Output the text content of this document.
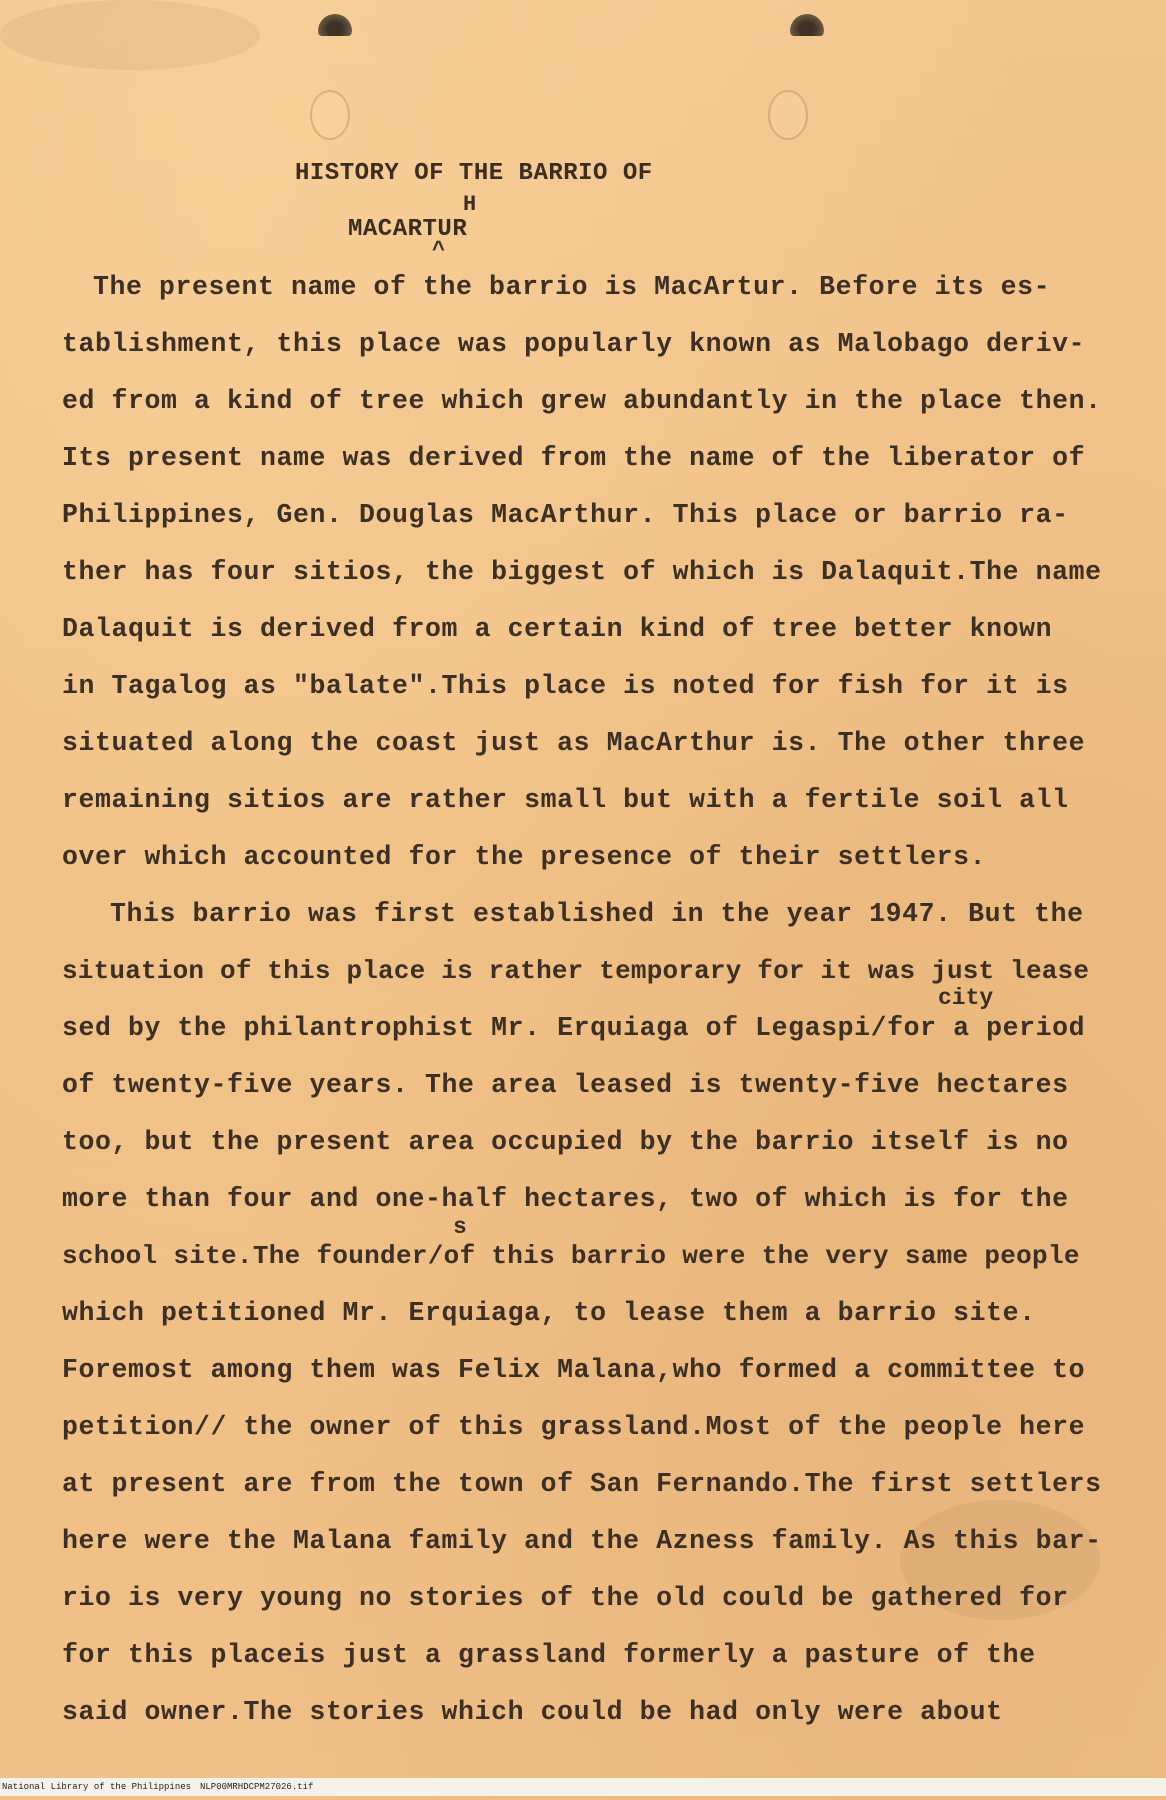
HISTORY OF THE BARRIO OF
H
MACARTUR
^
The present name of the barrio is MacArtur. Before its es-
tablishment, this place was popularly known as Malobago deriv-
ed from a kind of tree which grew abundantly in the place then.
Its present name was derived from the name of the liberator of
Philippines, Gen. Douglas MacArthur. This place or barrio ra-
ther has four sitios, the biggest of which is Dalaquit.The name
Dalaquit is derived from a certain kind of tree better known
in Tagalog as "balate".This place is noted for fish for it is
situated along the coast just as MacArthur is. The other three
remaining sitios are rather small but with a fertile soil all
over which accounted for the presence of their settlers.
This barrio was first established in the year 1947. But the
situation of this place is rather temporary for it was just lease
city
sed by the philantrophist Mr. Erquiaga of Legaspi/for a period
of twenty-five years. The area leased is twenty-five hectares
too, but the present area occupied by the barrio itself is no
more than four and one-half hectares, two of which is for the
s
school site.The founder/of this barrio were the very same people
which petitioned Mr. Erquiaga, to lease them a barrio site.
Foremost among them was Felix Malana,who formed a committee to
petition// the owner of this grassland.Most of the people here
at present are from the town of San Fernando.The first settlers
here were the Malana family and the Azness family. As this bar-
rio is very young no stories of the old could be gathered for
for this placeis just a grassland formerly a pasture of the
said owner.The stories which could be had only were about
National Library of the Philippines NLP00MRHDCPM27026.tif
